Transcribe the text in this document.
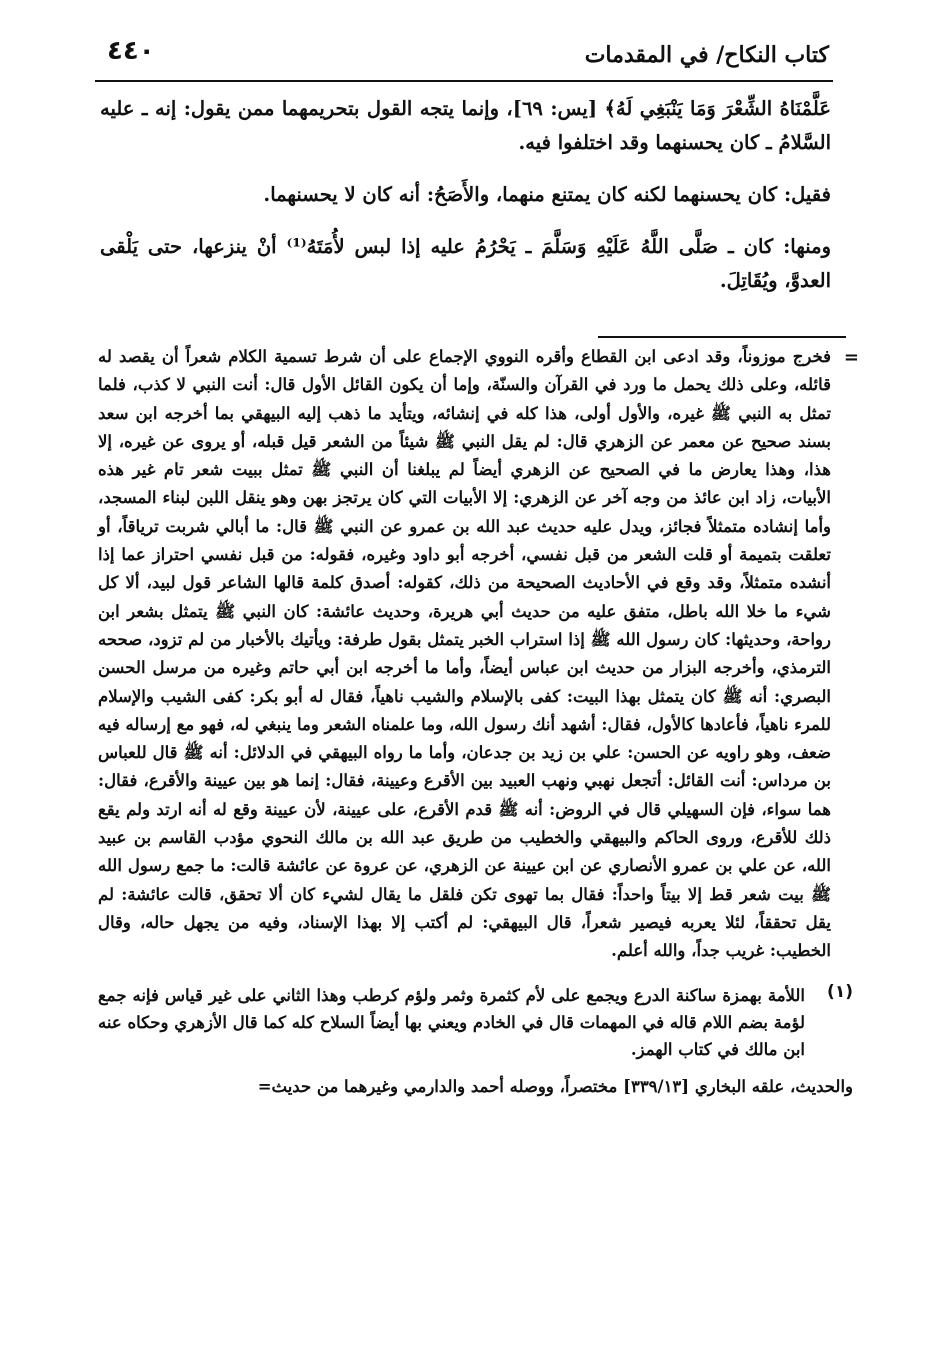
٤٤٠	كتاب النكاح/ في المقدمات

عَلَّمْنَاهُ الشِّعْرَ وَمَا يَنْبَغِي لَهُ﴾ [يس: ٦٩]، وإنما يتجه القول بتحريمهما ممن يقول: إنه ـ عليه السَّلامُ ـ كان يحسنهما وقد اختلفوا فيه.

فقيل: كان يحسنهما لكنه كان يمتنع منهما، والأَصَحُ: أنه كان لا يحسنهما.

ومنها: كان ـ صَلَّى اللَّهُ عَلَيْهِ وَسَلَّمَ ـ يَحْرُمُ عليه إذا لبس لأُمَتَهُ⁽¹⁾ أنْ ينزعها، حتى يَلْقى العدوَّ، ويُقَاتِلَ.

=

فخرج موزوناً، وقد ادعى ابن القطاع وأقره النووي الإجماع على أن شرط تسمية الكلام شعراً أن يقصد له قائله، وعلى ذلك يحمل ما ورد في القرآن والسنّة، وإما أن يكون القائل الأول قال: أنت النبي لا كذب، فلما تمثل به النبي ﷺ غيره، والأول أولى، هذا كله في إنشائه، ويتأيد ما ذهب إليه البيهقي بما أخرجه ابن سعد بسند صحيح عن معمر عن الزهري قال: لم يقل النبي ﷺ شيئاً من الشعر قيل قبله، أو يروى عن غيره، إلا هذا، وهذا يعارض ما في الصحيح عن الزهري أيضاً لم يبلغنا أن النبي ﷺ تمثل ببيت شعر تام غير هذه الأبيات، زاد ابن عائذ من وجه آخر عن الزهري: إلا الأبيات التي كان يرتجز بهن وهو ينقل اللبن لبناء المسجد، وأما إنشاده متمثلاً فجائز، ويدل عليه حديث عبد الله بن عمرو عن النبي ﷺ قال: ما أبالي شربت ترياقاً، أو تعلقت بتميمة أو قلت الشعر من قبل نفسي، أخرجه أبو داود وغيره، فقوله: من قبل نفسي احتراز عما إذا أنشده متمثلاً، وقد وقع في الأحاديث الصحيحة من ذلك، كقوله: أصدق كلمة قالها الشاعر قول لبيد، ألا كل شيء ما خلا الله باطل، متفق عليه من حديث أبي هريرة، وحديث عائشة: كان النبي ﷺ يتمثل بشعر ابن رواحة، وحديثها: كان رسول الله ﷺ إذا استراب الخبر يتمثل بقول طرفة: ويأتيك بالأخبار من لم تزود، صححه الترمذي، وأخرجه البزار من حديث ابن عباس أيضاً، وأما ما أخرجه ابن أبي حاتم وغيره من مرسل الحسن البصري: أنه ﷺ كان يتمثل بهذا البيت: كفى بالإسلام والشيب ناهياً، فقال له أبو بكر: كفى الشيب والإسلام للمرء ناهياً، فأعادها كالأول، فقال: أشهد أنك رسول الله، وما علمناه الشعر وما ينبغي له، فهو مع إرساله فيه ضعف، وهو راويه عن الحسن: علي بن زيد بن جدعان، وأما ما رواه البيهقي في الدلائل: أنه ﷺ قال للعباس بن مرداس: أنت القائل: أتجعل نهبي ونهب العبيد بين الأقرع وعيينة، فقال: إنما هو بين عيينة والأقرع، فقال: هما سواء، فإن السهيلي قال في الروض: أنه ﷺ قدم الأقرع، على عيينة، لأن عيينة وقع له أنه ارتد ولم يقع ذلك للأقرع، وروى الحاكم والبيهقي والخطيب من طريق عبد الله بن مالك النحوي مؤدب القاسم بن عبيد الله، عن علي بن عمرو الأنصاري عن ابن عيينة عن الزهري، عن عروة عن عائشة قالت: ما جمع رسول الله ﷺ بيت شعر قط إلا بيتاً واحداً: فقال بما تهوى تكن فلقل ما يقال لشيء كان ألا تحقق، قالت عائشة: لم يقل تحققاً، لئلا يعربه فيصير شعراً، قال البيهقي: لم أكتب إلا بهذا الإسناد، وفيه من يجهل حاله، وقال الخطيب: غريب جداً، والله أعلم.

(١)

اللأمة بهمزة ساكنة الدرع ويجمع على لأم كثمرة وثمر ولؤم كرطب وهذا الثاني على غير قياس فإنه جمع لؤمة بضم اللام قاله في المهمات قال في الخادم ويعني بها أيضاً السلاح كله كما قال الأزهري وحكاه عنه ابن مالك في كتاب الهمز.

والحديث، علقه البخاري [٣٣٩/١٣] مختصراً، ووصله أحمد والدارمي وغيرهما من حديث=
